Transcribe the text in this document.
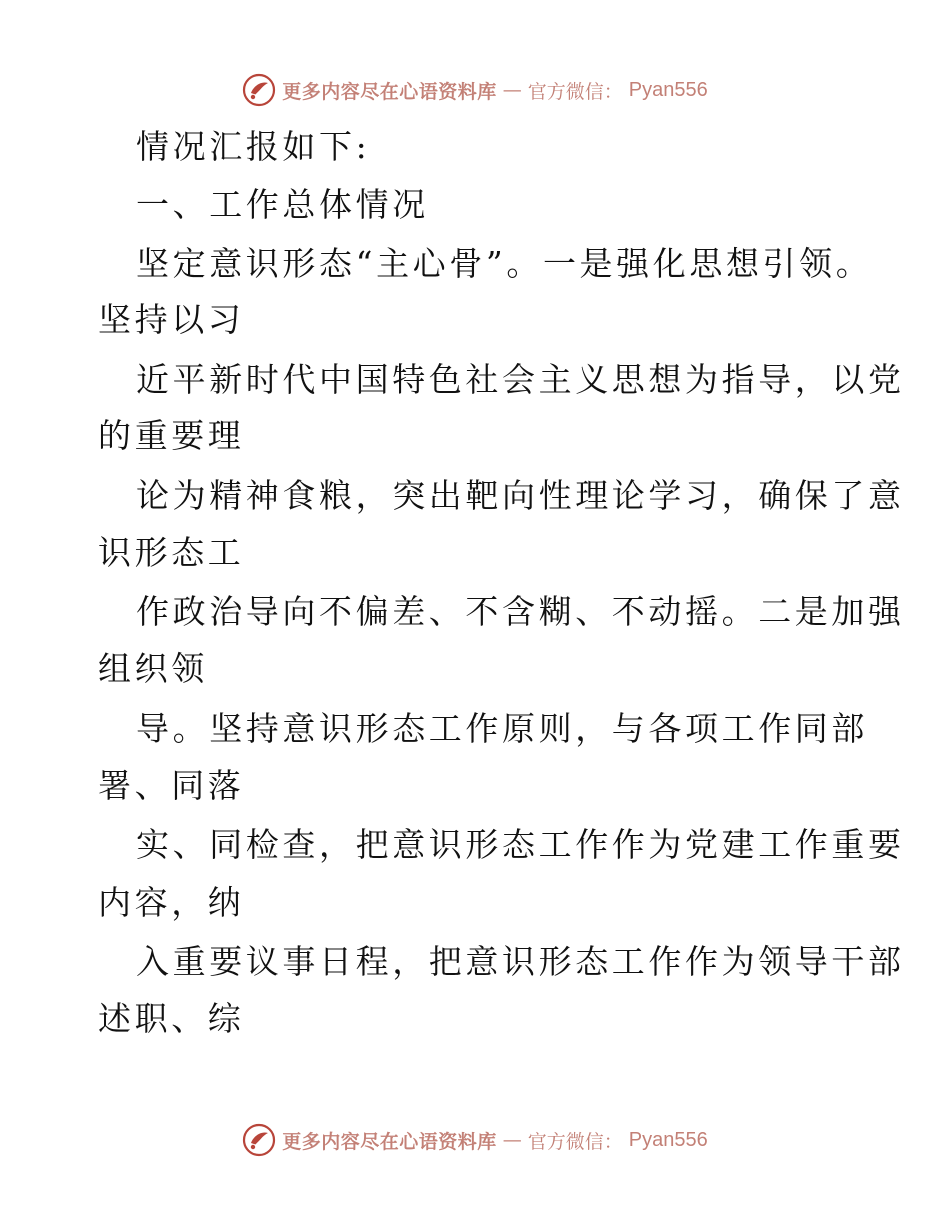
更多内容尽在心语资料库 — 官方微信： Pyan556
情况汇报如下:
一、工作总体情况
坚定意识形态“主心骨”。一是强化思想引领。
坚持以习
近平新时代中国特色社会主义思想为指导，以党
的重要理
论为精神食粮，突出靶向性理论学习，确保了意
识形态工
作政治导向不偏差、不含糊、不动摇。二是加强
组织领
导。坚持意识形态工作原则，与各项工作同部
署、同落
实、同检查，把意识形态工作作为党建工作重要
内容，纳
入重要议事日程，把意识形态工作作为领导干部
述职、综
更多内容尽在心语资料库 — 官方微信： Pyan556
